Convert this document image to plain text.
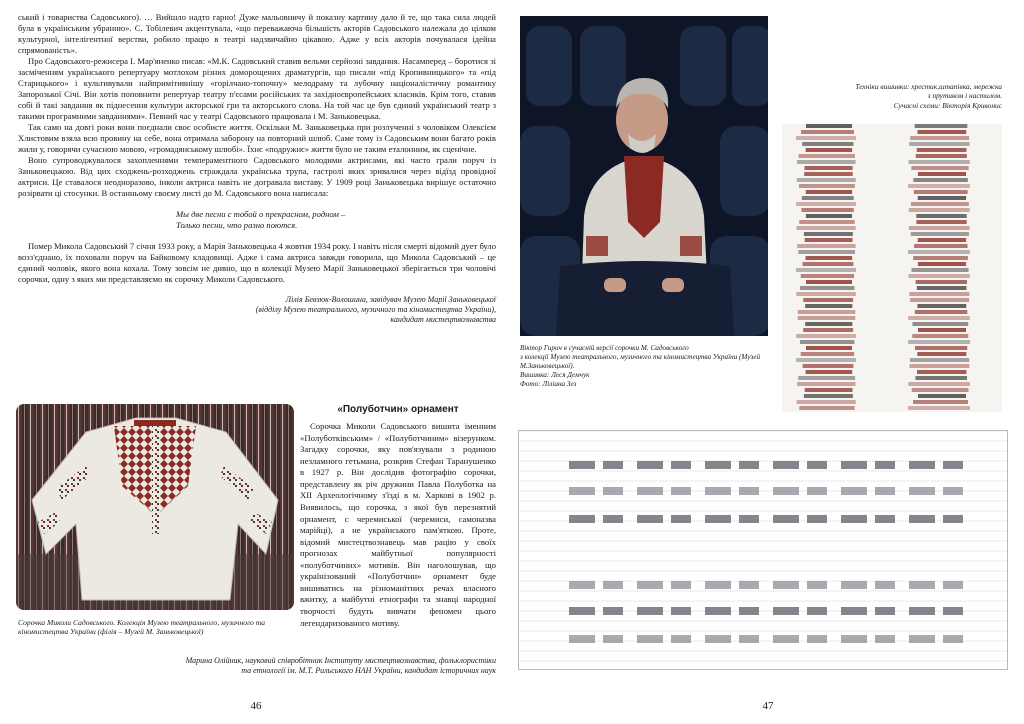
ський і товариства Садовського). … Вийшло надто гарно! Дуже мальовничу й показну картину дало й те, що така сила людей була в українським убранню». С. Тобілевич акцентувала, «що переважаюча більшість акторів Садовського належала до цілком культурної, інтелігентної верстви, робило працю в театрі надзвичайно цікавою. Адже у всіх акторів почувалася ідейна спрямованість».

Про Садовського-режисера І. Мар'яненко писав: «М.К. Садовський ставив вельми серйозні завдання. Насамперед – боротися зі засміченням українського репертуару мотлохом різних доморощених драматургів, що писали «під Кропивницького» та «під Старицького» і культивували найпримітивнішу «горілчано-топочну» мелодраму та лубочну націоналістичну романтику Запорозької Січі. Він хотів поповнити репертуар театру п'єсами російських та західноєвропейських класиків. Крім того, ставив собі й такі завдання як піднесення культури акторської гри та акторського слова. На той час це був єдиний український театр з такими програмними завданнями». Певний час у театрі Садовського працювала і М. Заньковецька.

Так само на довгі роки вони поєднали своє особисте життя. Оскільки М. Заньковецька при розлученні з чоловіком Олексієм Хлистовим взяла всю провину на себе, вона отримала заборону на повторний шлюб. Саме тому із Садовським вони багато років жили у, говорячи сучасною мовою, «громадянському шлюбі». Їхнє «подружнє» життя було не таким еталонним, як сценічне.

Воно супроводжувалося захопленнями темпераментного Садовського молодими актрисами, які часто грали поруч із Заньковецькою. Від цих сходжень-розходжень страждала українська трупа, гастролі яких зривалися через відїзд провідної актриси. Це ставалося неодноразово, інколи актриса навіть не догравала виставу. У 1909 році Заньковецька вирішує остаточно розірвати ці стосунки. В останньому своєму листі до М. Садовського вона написала:

Мы две песни с тобой о прекрасном, родном –
Только песни, что разно поются.

Помер Микола Садовський 7 січня 1933 року, а Марія Заньковецька 4 жовтня 1934 року. І навіть після смерті відомий дует було возз'єднано, їх поховали поруч на Байковому кладовищі. Адже і сама актриса завжди говорила, що Микола Садовський – це єдиний чоловік, якого вона кохала. Тому зовсім не дивно, що в колекції Музею Марії Заньковецької зберігається три чоловічі сорочки, одну з яких ми представляємо як сорочку Миколи Садовського.

Лілія Бевзюк-Волошина, завідувач Музею Марії Заньковецької
(відділу Музею театрального, музичного та кіномистецтва України),
кандидат мистецтвознавства
Сорочка Миколи Садовського. Колекція Музею театрального, музичного та кіномистецтва України (філія – Музей М. Заньковецької)
«Полуботчин» орнамент

Сорочка Миколи Садовського вишита іменним «Полуботківським» / «Полуботчиним» візерунком. Загадку сорочки, яку пов'язували з родиною незламного гетьмана, розкрив Стефан Таранушенко в 1927 р. Він дослідив фотографію сорочки, представлену як річ дружини Павла Полуботка на XII Археологічному з'їзді в м. Харкові в 1902 р. Виявилось, що сорочка, з якої був перезнятий орнамент, с черемиської (черемиси, самоназва марійці), а не українського пам'яткою. Проте, відомий мистецтвознавець мав рацію у своїх прогнозах майбутньої популярності «полуботчиних» мотивів. Він наголошував, що українізований «Полуботчин» орнамент буде вишиватись на різноманітних речах власного вжитку, а майбутні етнографи та знавці народної творчості будуть вивчати феномен цього легендаризованого мотиву.

Марина Олійник, науковий співробітник Інституту мистецтвознавства, фольклористики
та етнології ім. М.Т. Рильського НАН України, кандидат історичних наук
46
Віктор Гирич в сучасній версії сорочки М. Садовського
з колекції Музею театрального, музичного та кіномистецтва України (Музей М.Заньковецької).
Вишивка: Леся Демчук
Фото: Ліліана Зез
Техніки вишивки: хрестик,штапівка, мережка
з прутиком і настилом.
Сучасні схеми: Вікторія Кривонис
47
